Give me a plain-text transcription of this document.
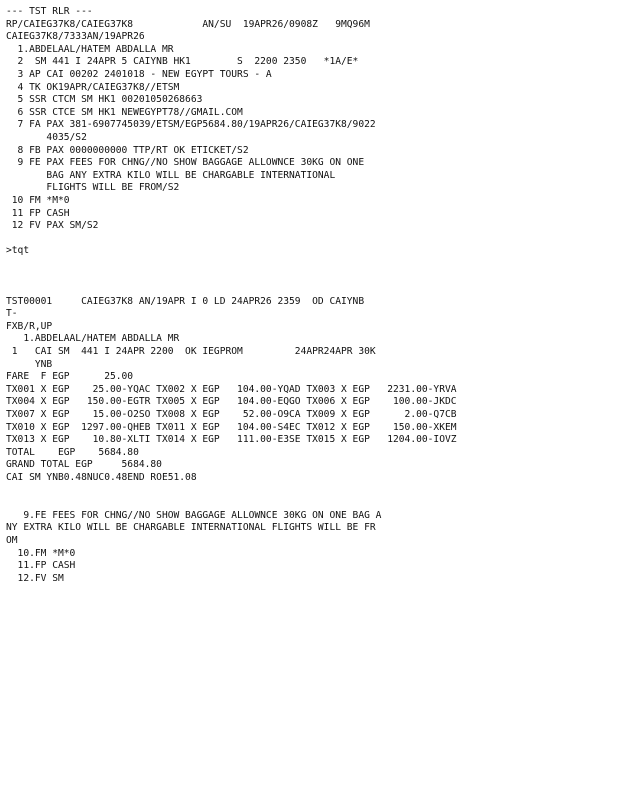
--- TST RLR ---
RP/CAIEG37K8/CAIEG37K8            AN/SU  19APR26/0908Z   9MQ96M
CAIEG37K8/7333AN/19APR26
1.ABDELAAL/HATEM ABDALLA MR
2  SM 441 I 24APR 5 CAIYNB HK1        S  2200 2350   *1A/E*
3 AP CAI 00202 2401018 - NEW EGYPT TOURS - A
4 TK OK19APR/CAIEG37K8//ETSM
5 SSR CTCM SM HK1 00201050268663
6 SSR CTCE SM HK1 NEWEGYPT78//GMAIL.COM
7 FA PAX 381-6907745039/ETSM/EGP5684.80/19APR26/CAIEG37K8/9022
4035/S2
8 FB PAX 0000000000 TTP/RT OK ETICKET/S2
9 FE PAX FEES FOR CHNG//NO SHOW BAGGAGE ALLOWNCE 30KG ON ONE
BAG ANY EXTRA KILO WILL BE CHARGABLE INTERNATIONAL
FLIGHTS WILL BE FROM/S2
10 FM *M*0
11 FP CASH
12 FV PAX SM/S2
>tqt
TST00001     CAIEG37K8 AN/19APR I 0 LD 24APR26 2359  OD CAIYNB
T-
FXB/R,UP
1.ABDELAAL/HATEM ABDALLA MR
1   CAI SM  441 I 24APR 2200  OK IEGPROM         24APR24APR 30K
YNB
FARE  F EGP      25.00
TX001 X EGP    25.00-YQAC TX002 X EGP   104.00-YQAD TX003 X EGP   2231.00-YRVA
TX004 X EGP   150.00-EGTR TX005 X EGP   104.00-EQGO TX006 X EGP    100.00-JKDC
TX007 X EGP    15.00-O2SO TX008 X EGP    52.00-O9CA TX009 X EGP      2.00-Q7CB
TX010 X EGP  1297.00-QHEB TX011 X EGP   104.00-S4EC TX012 X EGP    150.00-XKEM
TX013 X EGP    10.80-XLTI TX014 X EGP   111.00-E3SE TX015 X EGP   1204.00-IOVZ
TOTAL    EGP    5684.80
GRAND TOTAL EGP     5684.80
CAI SM YNB0.48NUC0.48END ROE51.08
9.FE FEES FOR CHNG//NO SHOW BAGGAGE ALLOWNCE 30KG ON ONE BAG A
NY EXTRA KILO WILL BE CHARGABLE INTERNATIONAL FLIGHTS WILL BE FR
OM
10.FM *M*0
11.FP CASH
12.FV SM
